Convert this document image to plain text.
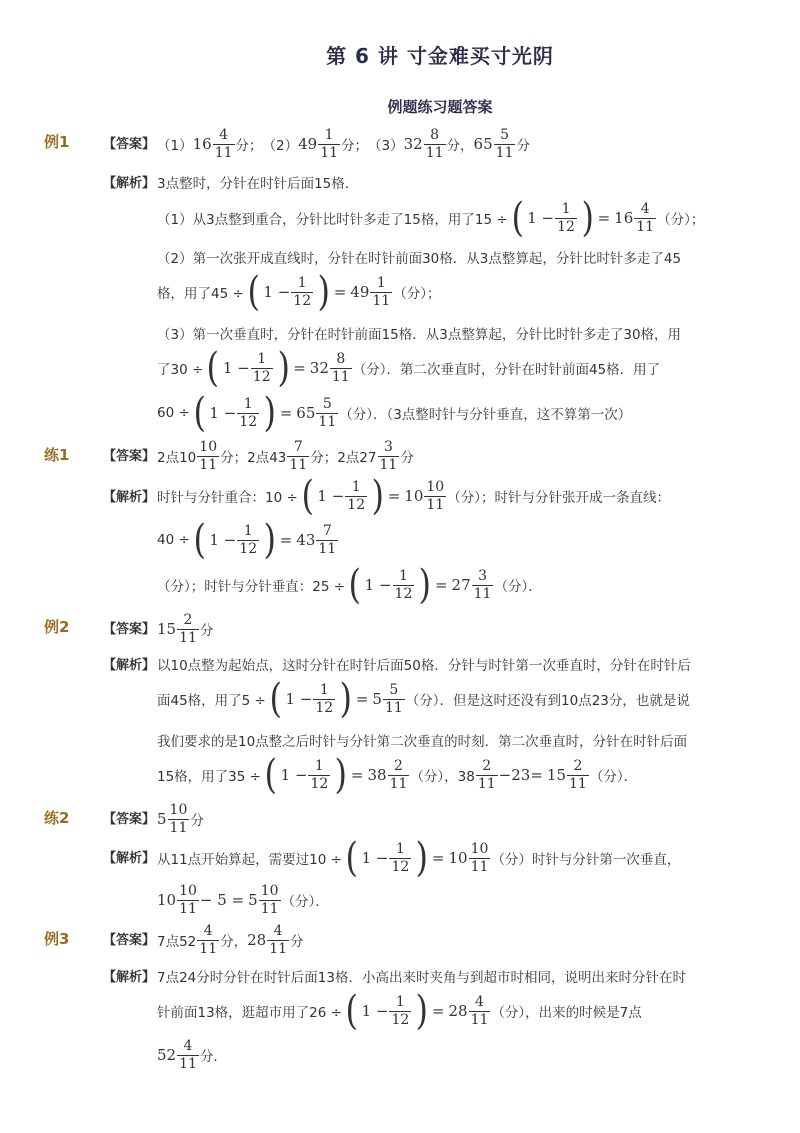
第 6 讲 寸金难买寸光阴
例题练习题答案
例1	【答案】 （1） $16 \frac{4}{11}$ 分 ； （2） $49 \frac{1}{11}$ 分 ； （3） $32 \frac{8}{11}$ 分， $65 \frac{5}{11}$ 分
【解析】 3点整时，分针在时针后面15格．
（1）从3点整到重合，分针比时针多走了15格，用了15 ÷ ( $1 - \frac{1}{12}$ ) = $16 \frac{4}{11}$ （分）；
（2）第一次张开成直线时，分针在时针前面30格．从3点整算起，分针比时针多走了45
格，用了45 ÷ ( $1 - \frac{1}{12}$ ) = $49 \frac{1}{11}$ （分）；
（3）第一次垂直时，分针在时针前面15格．从3点整算起，分针比时针多走了30格，用
了30 ÷ ( $1 - \frac{1}{12}$ ) = $32 \frac{8}{11}$ （分）．第二次垂直时，分针在时针前面45格．用了
60 ÷ ( $1 - \frac{1}{12}$ ) = $65 \frac{5}{11}$ （分）．（3点整时针与分针垂直，这不算第一次）
练1	【答案】 2点$10 \frac{10}{11}$ 分； 2点$43 \frac{7}{11}$ 分； 2点$27 \frac{3}{11}$ 分
【解析】 时针与分针重合：10 ÷ ( $1 - \frac{1}{12}$ ) = $10 \frac{10}{11}$ （分）；时针与分针张开成一条直线：
40 ÷ ( $1 - \frac{1}{12}$ ) = $43 \frac{7}{11}$
（分）；时针与分针垂直：25 ÷ ( $1 - \frac{1}{12}$ ) = $27 \frac{3}{11}$ （分）．
例2	【答案】 $15 \frac{2}{11}$ 分
【解析】 以10点整为起始点，这时分针在时针后面50格．分针与时针第一次垂直时，分针在时针后
面45格，用了5 ÷ ( $1 - \frac{1}{12}$ ) = $5 \frac{5}{11}$ （分）．但是这时还没有到10点23分，也就是说
我们要求的是10点整之后时针与分针第二次垂直的时刻．第二次垂直时，分针在时针后面
15格，用了35 ÷ ( $1 - \frac{1}{12}$ ) = $38 \frac{2}{11}$ （分），$38 \frac{2}{11} -23= 15 \frac{2}{11}$ （分）．
练2	【答案】 $5 \frac{10}{11}$ 分
【解析】 从11点开始算起，需要过10 ÷ ( $1 - \frac{1}{12}$ ) = $10 \frac{10}{11}$ （分）时针与分针第一次垂直，
$10 \frac{10}{11} - 5 = 5 \frac{10}{11}$ （分）．
例3	【答案】 7点$52 \frac{4}{11}$ 分， $28 \frac{4}{11}$ 分
【解析】 7点24分时分针在时针后面13格．小高出来时夹角与到超市时相同，说明出来时分针在时
针前面13格，逛超市用了26 ÷ ( $1 - \frac{1}{12}$ ) = $28 \frac{4}{11}$ （分），出来的时候是7点
$52 \frac{4}{11}$ 分．
